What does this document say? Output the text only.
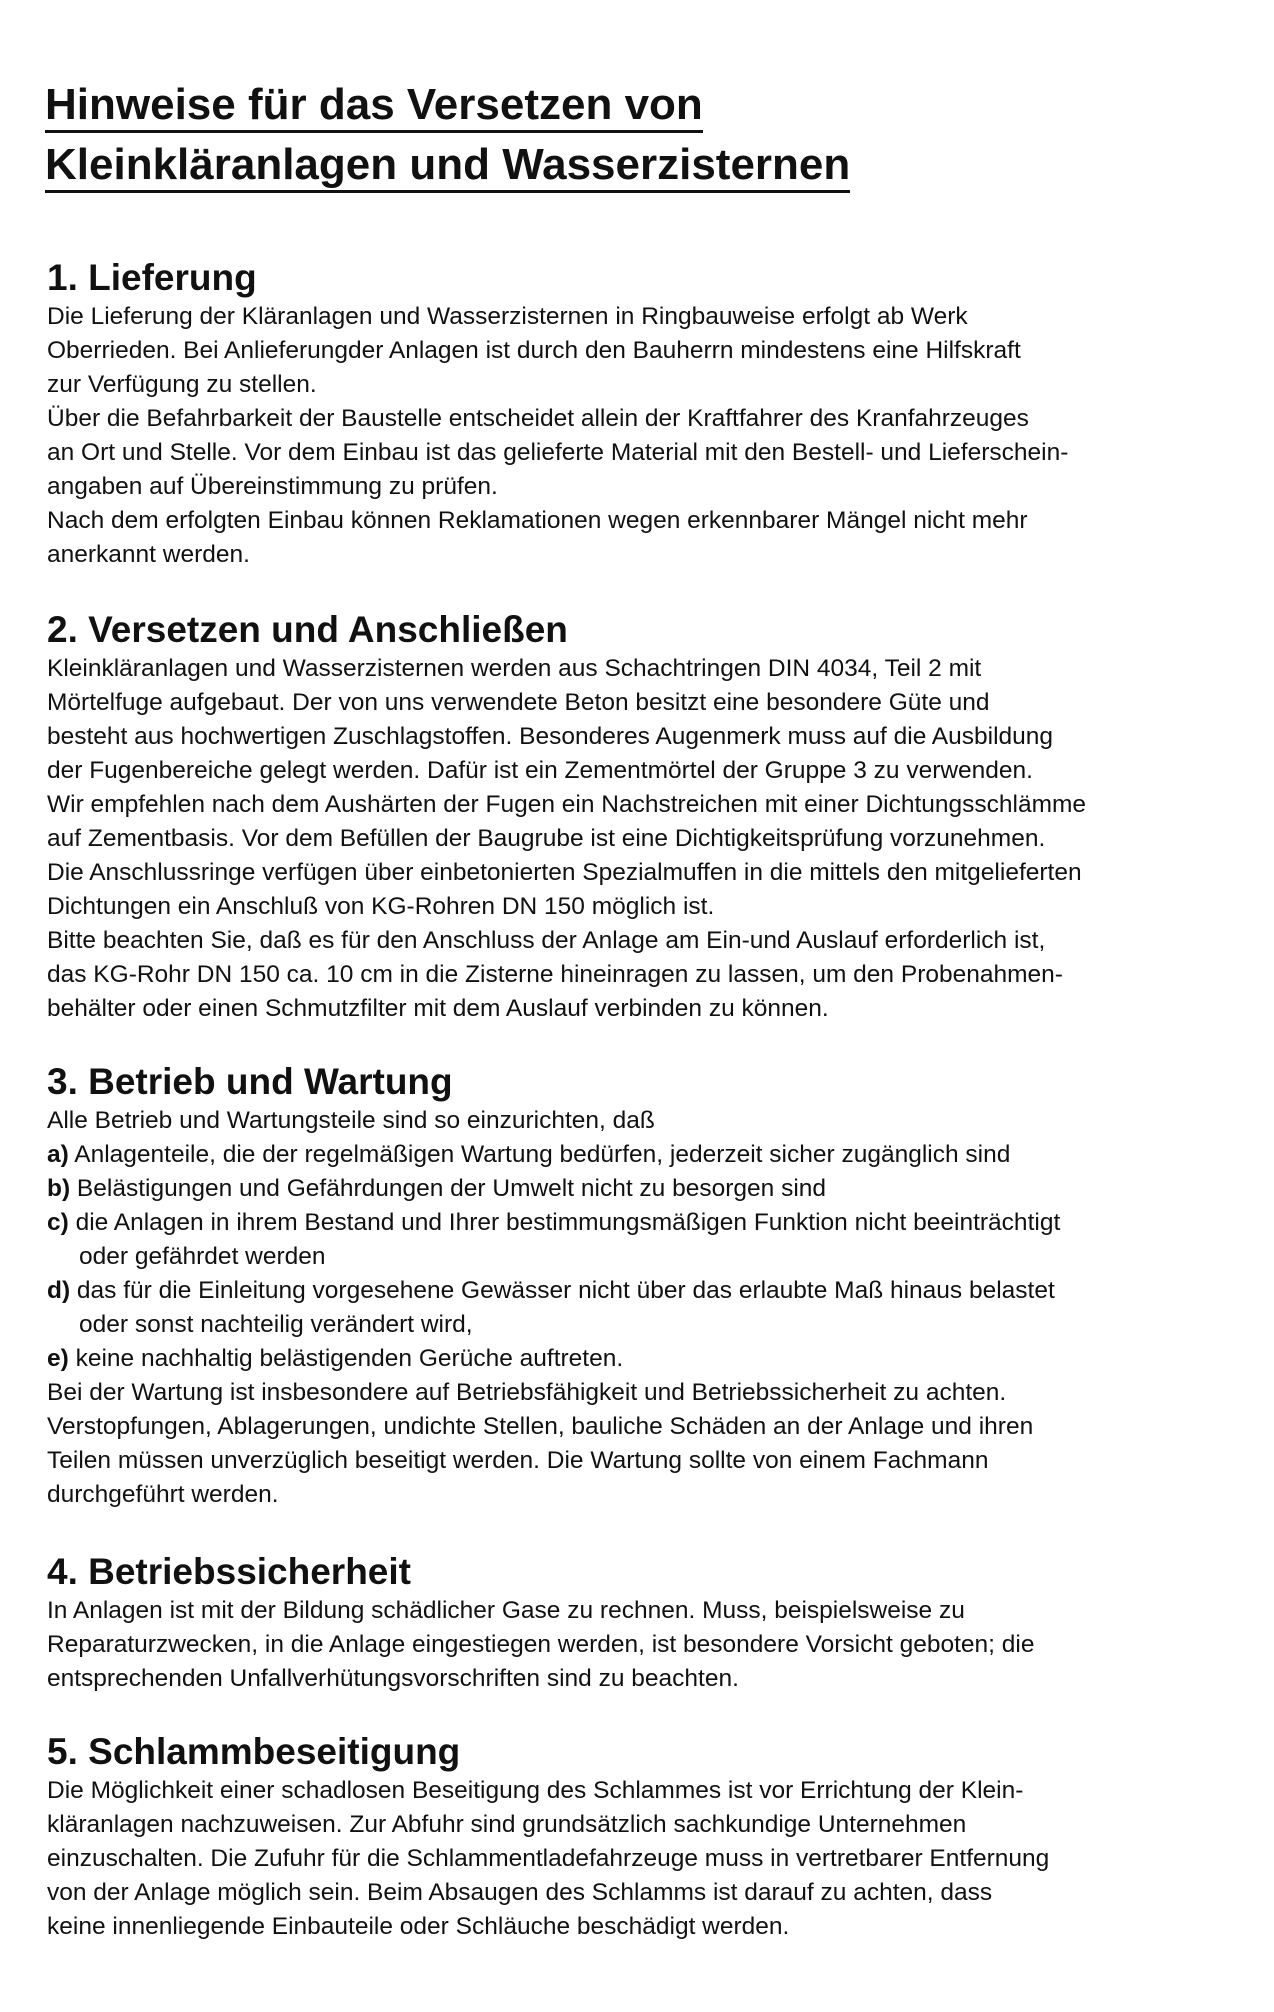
Hinweise für das Versetzen von
Kleinkläranlagen und Wasserzisternen
1. Lieferung

Die Lieferung der Kläranlagen und Wasserzisternen in Ringbauweise erfolgt ab Werk

Oberrieden. Bei Anlieferungder Anlagen ist durch den Bauherrn mindestens eine Hilfskraft

zur Verfügung zu stellen.

Über die Befahrbarkeit der Baustelle entscheidet allein der Kraftfahrer des Kranfahrzeuges

an Ort und Stelle. Vor dem Einbau ist das gelieferte Material mit den Bestell- und Lieferschein-

angaben auf Übereinstimmung zu prüfen.

Nach dem erfolgten Einbau können Reklamationen wegen erkennbarer Mängel nicht mehr

anerkannt werden.

2. Versetzen und Anschließen

Kleinkläranlagen und Wasserzisternen werden aus Schachtringen DIN 4034, Teil 2 mit

Mörtelfuge aufgebaut. Der von uns verwendete Beton besitzt eine besondere Güte und

besteht aus hochwertigen Zuschlagstoffen. Besonderes Augenmerk muss auf die Ausbildung

der Fugenbereiche gelegt werden. Dafür ist ein Zementmörtel der Gruppe 3 zu verwenden.

Wir empfehlen nach dem Aushärten der Fugen ein Nachstreichen mit einer Dichtungsschlämme

auf Zementbasis. Vor dem Befüllen der Baugrube ist eine Dichtigkeitsprüfung vorzunehmen.

Die Anschlussringe verfügen über einbetonierten Spezialmuffen in die mittels den mitgelieferten

Dichtungen ein Anschluß von KG-Rohren DN 150 möglich ist.

Bitte beachten Sie, daß es für den Anschluss der Anlage am Ein-und Auslauf erforderlich ist,

das KG-Rohr DN 150 ca. 10 cm in die Zisterne hineinragen zu lassen, um den Probenahmen-

behälter oder einen Schmutzfilter mit dem Auslauf verbinden zu können.

3. Betrieb und Wartung

Alle Betrieb und Wartungsteile sind so einzurichten, daß

a) Anlagenteile, die der regelmäßigen Wartung bedürfen, jederzeit sicher zugänglich sind
b) Belästigungen und Gefährdungen der Umwelt nicht zu besorgen sind
c) die Anlagen in ihrem Bestand und Ihrer bestimmungsmäßigen Funktion nicht beeinträchtigt
oder gefährdet werden
d) das für die Einleitung vorgesehene Gewässer nicht über das erlaubte Maß hinaus belastet
oder sonst nachteilig verändert wird,
e) keine nachhaltig belästigenden Gerüche auftreten.

Bei der Wartung ist insbesondere auf Betriebsfähigkeit und Betriebssicherheit zu achten.

Verstopfungen, Ablagerungen, undichte Stellen, bauliche Schäden an der Anlage und ihren

Teilen müssen unverzüglich beseitigt werden. Die Wartung sollte von einem Fachmann

durchgeführt werden.

4. Betriebssicherheit

In Anlagen ist mit der Bildung schädlicher Gase zu rechnen. Muss, beispielsweise zu

Reparaturzwecken, in die Anlage eingestiegen werden, ist besondere Vorsicht geboten; die

entsprechenden Unfallverhütungsvorschriften sind zu beachten.

5. Schlammbeseitigung

Die Möglichkeit einer schadlosen Beseitigung des Schlammes ist vor Errichtung der Klein-

kläranlagen nachzuweisen. Zur Abfuhr sind grundsätzlich sachkundige Unternehmen

einzuschalten. Die Zufuhr für die Schlammentladefahrzeuge muss in vertretbarer Entfernung

von der Anlage möglich sein. Beim Absaugen des Schlamms ist darauf zu achten, dass

keine innenliegende Einbauteile oder Schläuche beschädigt werden.
